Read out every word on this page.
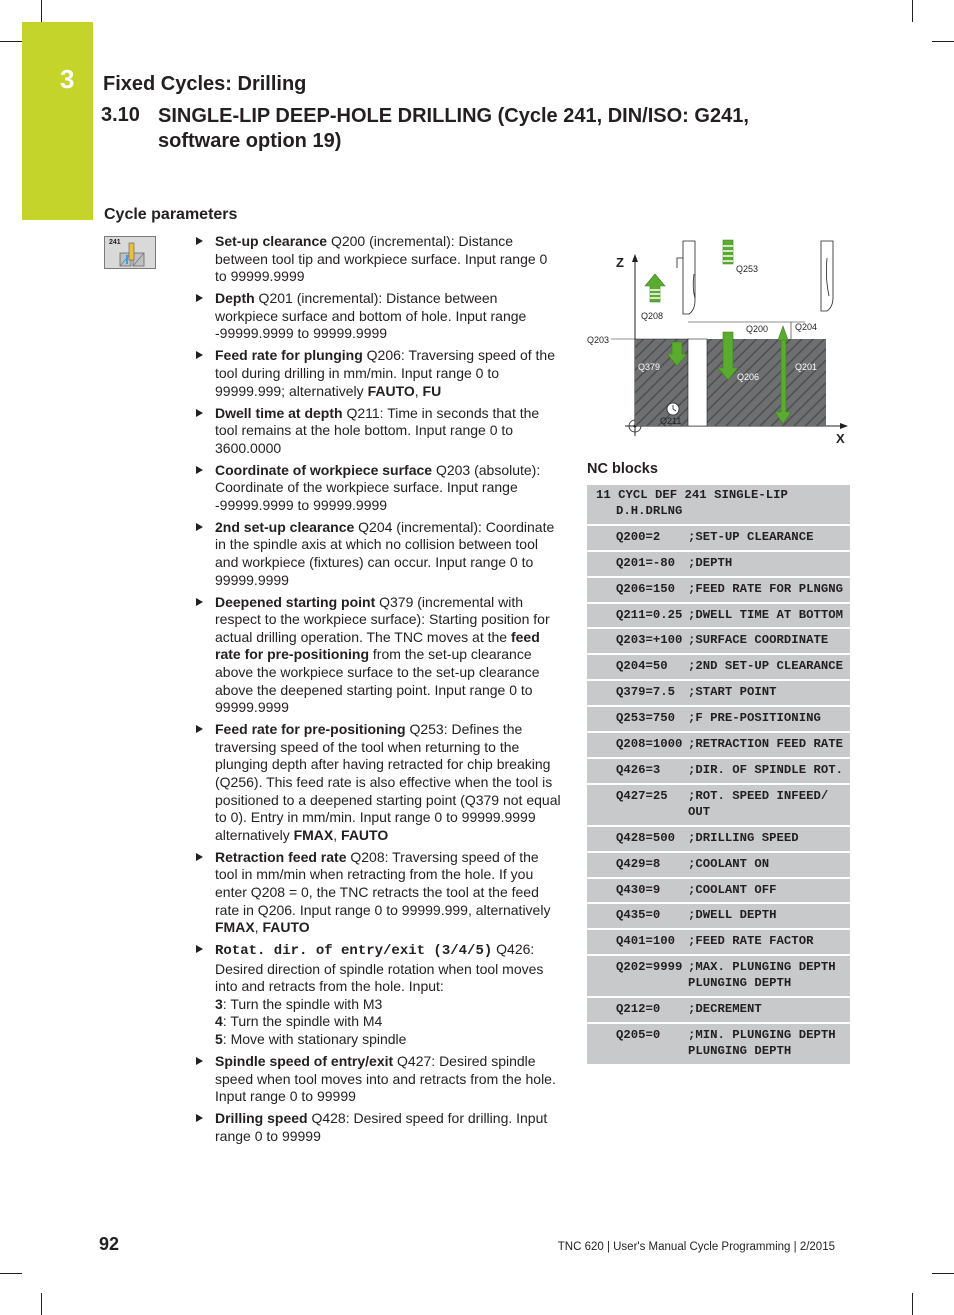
3	Fixed Cycles: Drilling
3.10 SINGLE-LIP DEEP-HOLE DRILLING (Cycle 241, DIN/ISO: G241,
software option 19)
Cycle parameters
241	Set-up clearance Q200 (incremental): Distance between tool tip and workpiece surface. Input range 0 to 99999.9999
Depth Q201 (incremental): Distance between workpiece surface and bottom of hole. Input range -99999.9999 to 99999.9999
Feed rate for plunging Q206: Traversing speed of the tool during drilling in mm/min. Input range 0 to 99999.999; alternatively FAUTO, FU
Dwell time at depth Q211: Time in seconds that the tool remains at the hole bottom. Input range 0 to 3600.0000
Coordinate of workpiece surface Q203 (absolute): Coordinate of the workpiece surface. Input range -99999.9999 to 99999.9999
2nd set-up clearance Q204 (incremental): Coordinate in the spindle axis at which no collision between tool and workpiece (fixtures) can occur. Input range 0 to 99999.9999
Deepened starting point Q379 (incremental with respect to the workpiece surface): Starting position for actual drilling operation. The TNC moves at the feed rate for pre-positioning from the set-up clearance above the workpiece surface to the set-up clearance above the deepened starting point. Input range 0 to 99999.9999
Feed rate for pre-positioning Q253: Defines the traversing speed of the tool when returning to the plunging depth after having retracted for chip breaking (Q256). This feed rate is also effective when the tool is positioned to a deepened starting point (Q379 not equal to 0). Entry in mm/min. Input range 0 to 99999.9999 alternatively FMAX, FAUTO
Retraction feed rate Q208: Traversing speed of the tool in mm/min when retracting from the hole. If you enter Q208 = 0, the TNC retracts the tool at the feed rate in Q206. Input range 0 to 99999.999, alternatively FMAX, FAUTO
Rotat. dir. of entry/exit (3/4/5) Q426: Desired direction of spindle rotation when tool moves into and retracts from the hole. Input:
3: Turn the spindle with M3
4: Turn the spindle with M4
5: Move with stationary spindle
Spindle speed of entry/exit Q427: Desired spindle speed when tool moves into and retracts from the hole. Input range 0 to 99999
Drilling speed Q428: Desired speed for drilling. Input range 0 to 99999
Z
X
Q253
Q208
Q200	Q204
Q203
Q379
Q206
Q201
Q211
NC blocks
11 CYCL DEF 241 SINGLE-LIP
D.H.DRLNG
Q200=2	;SET-UP CLEARANCE
Q201=-80	;DEPTH
Q206=150	;FEED RATE FOR PLNGNG
Q211=0.25 ;DWELL TIME AT BOTTOM
Q203=+100 ;SURFACE COORDINATE
Q204=50	;2ND SET-UP CLEARANCE
Q379=7.5	;START POINT
Q253=750	;F PRE-POSITIONING
Q208=1000 ;RETRACTION FEED RATE
Q426=3	;DIR. OF SPINDLE ROT.
Q427=25	;ROT. SPEED INFEED/ OUT
Q428=500	;DRILLING SPEED
Q429=8	;COOLANT ON
Q430=9	;COOLANT OFF
Q435=0	;DWELL DEPTH
Q401=100	;FEED RATE FACTOR
Q202=9999 ;MAX. PLUNGING DEPTH PLUNGING DEPTH
Q212=0	;DECREMENT
Q205=0	;MIN. PLUNGING DEPTH PLUNGING DEPTH
92	TNC 620 | User's Manual Cycle Programming | 2/2015
